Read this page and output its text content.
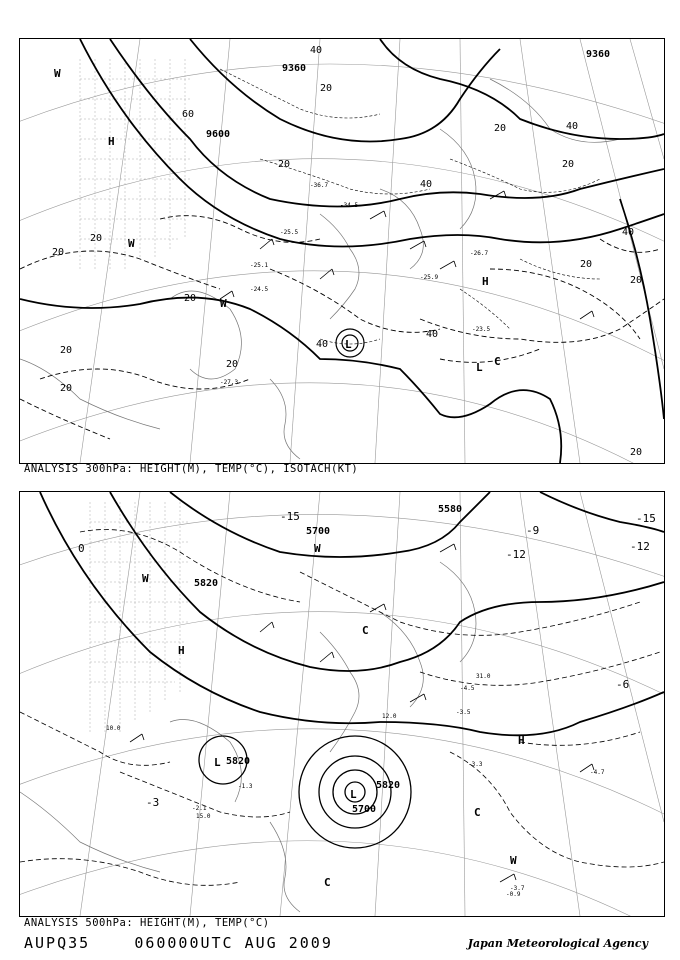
-24.5
-25.5
-27.3
-25.1
-23.5
-36.7
-34.5
-26.7
-25.9
9360
9360
9600
20
20
20
20
20
20
20	20
20
20
20
20
20
40
40
40
40
40
40
60
H
H
L
L
W
W
W
C
ANALYSIS 300hPa: HEIGHT(M), TEMP(°C), ISOTACH(KT)
-4.7
-3.7
-3.3
-4.5
-3.5
-2.1
-1.3
-0.9
12.0
31.0
10.0
15.0
5700
5820
5820
5820
5700
5580
-15
-12
-9
-6
-3
0
-15
-12
H
H
L
L
W
W
W
C
C
C
ANALYSIS 500hPa: HEIGHT(M), TEMP(°C)
AUPQ35	060000UTC AUG 2009	Japan Meteorological Agency
